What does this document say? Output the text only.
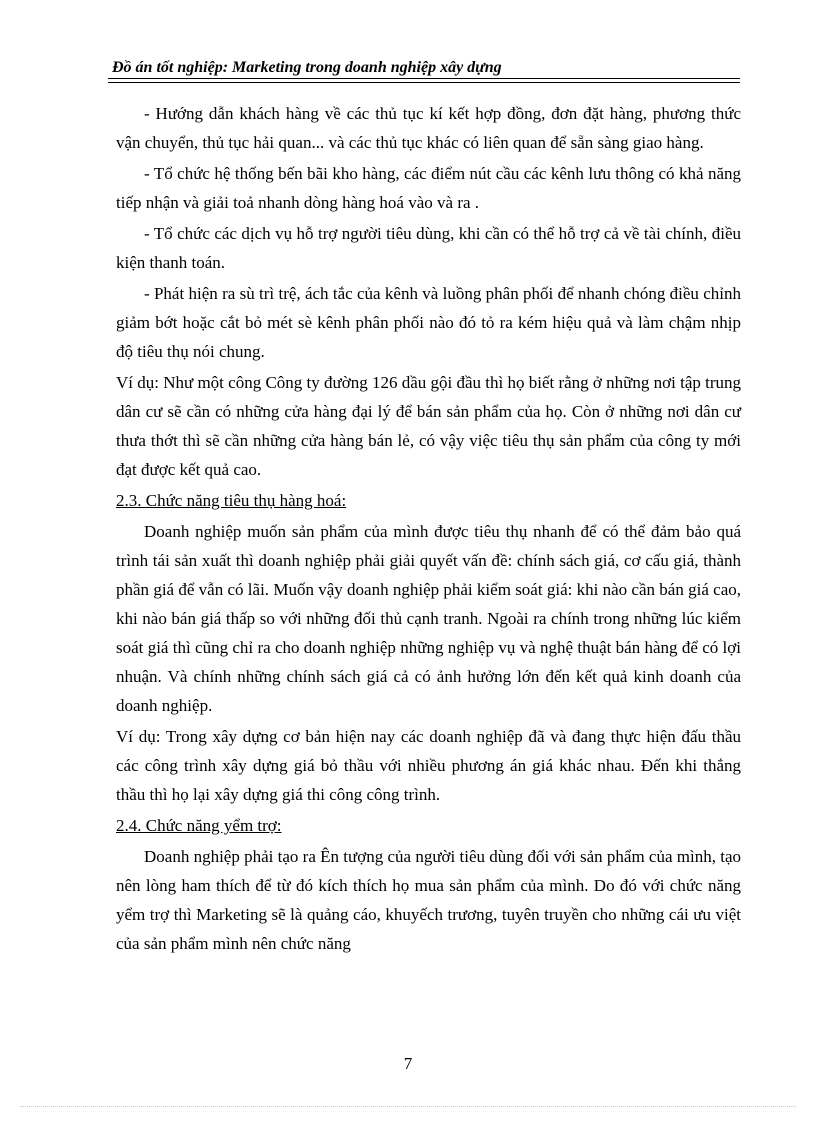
Đồ án tốt nghiệp: Marketing trong doanh nghiệp xây dựng

- Hướng dẫn khách hàng về các thủ tục kí kết hợp đồng, đơn đặt hàng, phương thức vận chuyển, thủ tục hải quan... và các thủ tục khác có liên quan để sẵn sàng giao hàng.

- Tổ chức hệ thống bến bãi kho hàng, các điểm nút cầu các kênh lưu thông có khả năng tiếp nhận và giải toả nhanh dòng hàng hoá vào và ra .

- Tổ chức các dịch vụ hỗ trợ người tiêu dùng, khi cần có thể hỗ trợ cả về tài chính, điều kiện thanh toán.

- Phát hiện ra sù trì trệ, ách tắc của kênh và luồng phân phối để nhanh chóng điều chỉnh giảm bớt hoặc cắt bỏ mét sè kênh phân phối nào đó tỏ ra kém hiệu quả và làm chậm nhịp độ tiêu thụ nói chung.

Ví dụ: Như một công Công ty đường 126 dầu gội đầu thì họ biết rằng ở những nơi tập trung dân cư sẽ cần có những cửa hàng đại lý để bán sản phẩm của họ. Còn ở những nơi dân cư thưa thớt thì sẽ cần những cửa hàng bán lẻ, có vậy việc tiêu thụ sản phẩm của công ty mới đạt được kết quả cao.

2.3. Chức năng tiêu thụ hàng hoá:

Doanh nghiệp muốn sản phẩm của mình được tiêu thụ nhanh để có thể đảm bảo quá trình tái sản xuất thì doanh nghiệp phải giải quyết vấn đề: chính sách giá, cơ cấu giá, thành phần giá để vẫn có lãi. Muốn vậy doanh nghiệp phải kiểm soát giá: khi nào cần bán giá cao, khi nào bán giá thấp so với những đối thủ cạnh tranh. Ngoài ra chính trong những lúc kiểm soát giá thì cũng chỉ ra cho doanh nghiệp những nghiệp vụ và nghệ thuật bán hàng để có lợi nhuận. Và chính những chính sách giá cả có ảnh hưởng lớn đến kết quả kinh doanh của doanh nghiệp.

Ví dụ: Trong xây dựng cơ bản hiện nay các doanh nghiệp đã và đang thực hiện đấu thầu các công trình xây dựng giá bỏ thầu với nhiều phương án giá khác nhau. Đến khi thắng thầu thì họ lại xây dựng giá thi công công trình.

2.4. Chức năng yểm trợ:

Doanh nghiệp phải tạo ra Ên tượng của người tiêu dùng đối với sản phẩm của mình, tạo nên lòng ham thích để từ đó kích thích họ mua sản phẩm của mình. Do đó với chức năng yểm trợ thì Marketing sẽ là quảng cáo, khuyếch trương, tuyên truyền cho những cái ưu việt của sản phẩm mình nên chức năng

7
